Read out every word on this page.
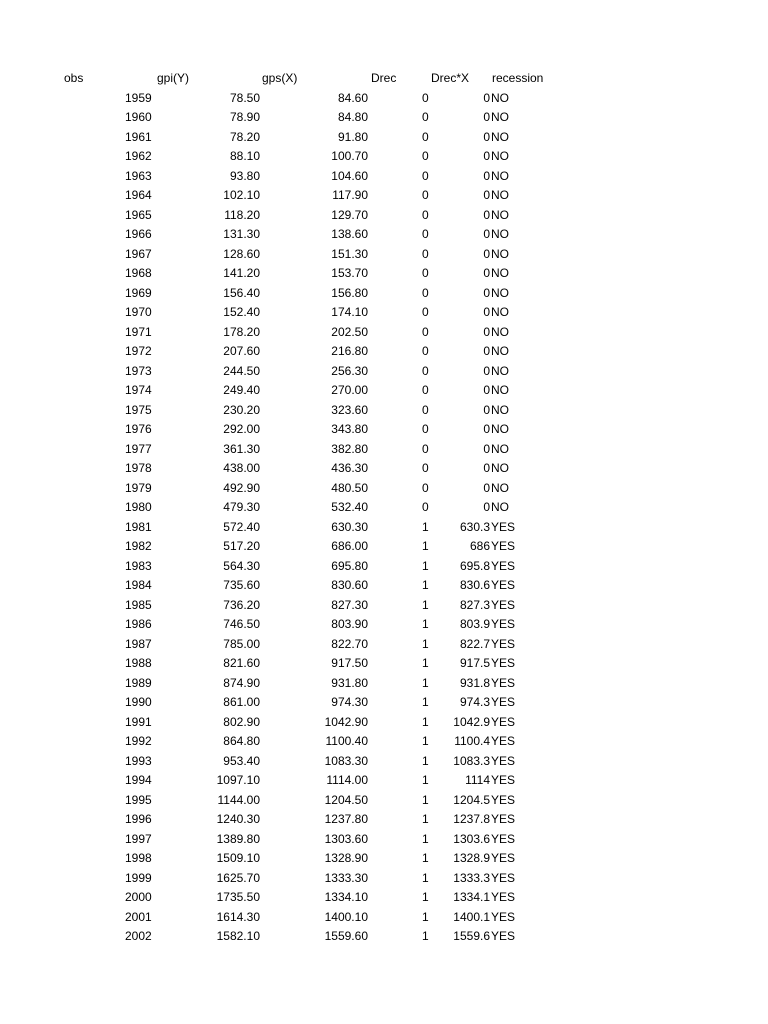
obs	gpi(Y)	gps(X)	Drec	Drec*X recession
1959	78.50	84.60	0	0 NO
1960	78.90	84.80	0	0 NO
1961	78.20	91.80	0	0 NO
1962	88.10	100.70	0	0 NO
1963	93.80	104.60	0	0 NO
1964	102.10	117.90	0	0 NO
1965	118.20	129.70	0	0 NO
1966	131.30	138.60	0	0 NO
1967	128.60	151.30	0	0 NO
1968	141.20	153.70	0	0 NO
1969	156.40	156.80	0	0 NO
1970	152.40	174.10	0	0 NO
1971	178.20	202.50	0	0 NO
1972	207.60	216.80	0	0 NO
1973	244.50	256.30	0	0 NO
1974	249.40	270.00	0	0 NO
1975	230.20	323.60	0	0 NO
1976	292.00	343.80	0	0 NO
1977	361.30	382.80	0	0 NO
1978	438.00	436.30	0	0 NO
1979	492.90	480.50	0	0 NO
1980	479.30	532.40	0	0 NO
1981	572.40	630.30	1	630.3 YES
1982	517.20	686.00	1	686 YES
1983	564.30	695.80	1	695.8 YES
1984	735.60	830.60	1	830.6 YES
1985	736.20	827.30	1	827.3 YES
1986	746.50	803.90	1	803.9 YES
1987	785.00	822.70	1	822.7 YES
1988	821.60	917.50	1	917.5 YES
1989	874.90	931.80	1	931.8 YES
1990	861.00	974.30	1	974.3 YES
1991	802.90	1042.90	1 1042.9 YES
1992	864.80	1100.40	1 1100.4 YES
1993	953.40	1083.30	1 1083.3 YES
1994	1097.10	1114.00	1	1114 YES
1995	1144.00	1204.50	1 1204.5 YES
1996	1240.30	1237.80	1 1237.8 YES
1997	1389.80	1303.60	1 1303.6 YES
1998	1509.10	1328.90	1 1328.9 YES
1999	1625.70	1333.30	1 1333.3 YES
2000	1735.50	1334.10	1 1334.1 YES
2001	1614.30	1400.10	1 1400.1 YES
2002	1582.10	1559.60	1 1559.6 YES
